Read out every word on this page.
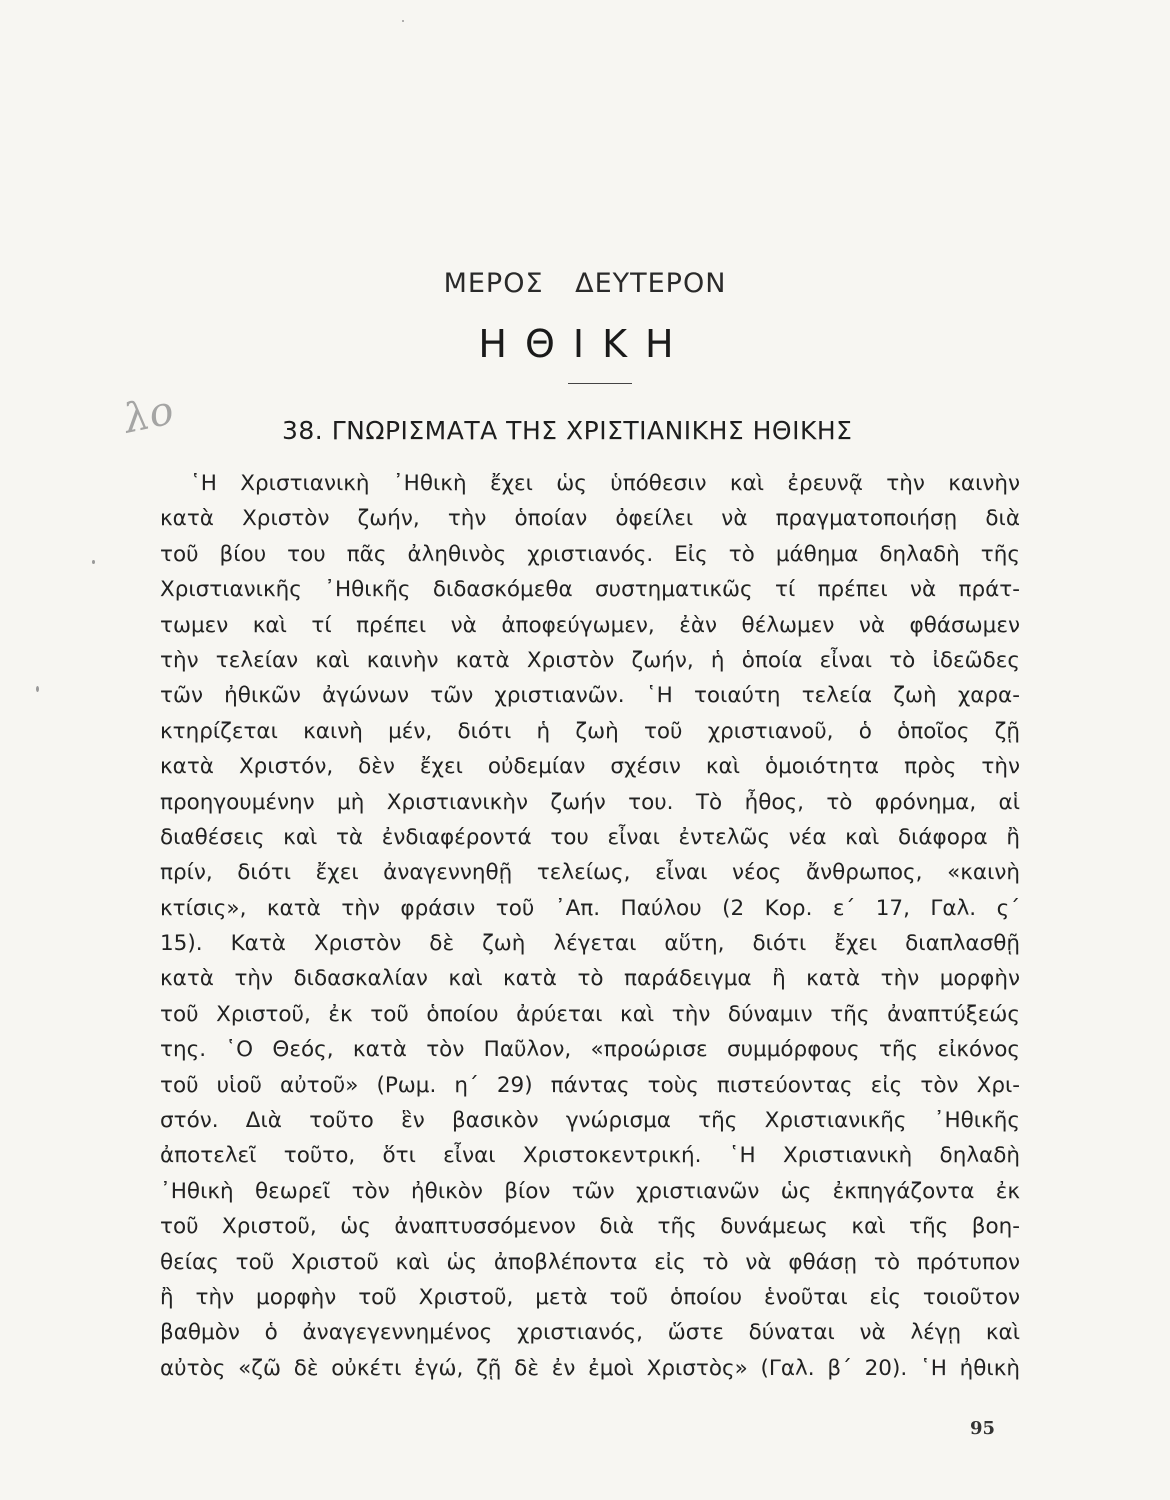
ΜΕΡΟΣ ΔΕΥΤΕΡΟΝ
ΗΘΙΚΗ
λο	38. ΓΝΩΡΙΣΜΑΤΑ ΤΗΣ ΧΡΙΣΤΙΑΝΙΚΗΣ ΗΘΙΚΗΣ
῾Η Χριστιανικὴ ᾿Ηθικὴ ἔχει ὡς ὑπόθεσιν καὶ ἐρευνᾷ τὴν καινὴν
κατὰ Χριστὸν ζωήν, τὴν ὁποίαν ὀφείλει νὰ πραγματοποιήσῃ διὰ
τοῦ βίου του πᾶς ἀληθινὸς χριστιανός. Εἰς τὸ μάθημα δηλαδὴ τῆς
Χριστιανικῆς ᾿Ηθικῆς διδασκόμεθα συστηματικῶς τί πρέπει νὰ πράτ-
τωμεν καὶ τί πρέπει νὰ ἀποφεύγωμεν, ἐὰν θέλωμεν νὰ φθάσωμεν
τὴν τελείαν καὶ καινὴν κατὰ Χριστὸν ζωήν, ἡ ὁποία εἶναι τὸ ἰδεῶδες
τῶν ἠθικῶν ἀγώνων τῶν χριστιανῶν. ῾Η τοιαύτη τελεία ζωὴ χαρα-
κτηρίζεται καινὴ μέν, διότι ἡ ζωὴ τοῦ χριστιανοῦ, ὁ ὁποῖος ζῇ
κατὰ Χριστόν, δὲν ἔχει οὐδεμίαν σχέσιν καὶ ὁμοιότητα πρὸς τὴν
προηγουμένην μὴ Χριστιανικὴν ζωήν του. Τὸ ἦθος, τὸ φρόνημα, αἱ
διαθέσεις καὶ τὰ ἐνδιαφέροντά του εἶναι ἐντελῶς νέα καὶ διάφορα ἢ
πρίν, διότι ἔχει ἀναγεννηθῇ τελείως, εἶναι νέος ἄνθρωπος, «καινὴ
κτίσις», κατὰ τὴν φράσιν τοῦ ᾿Απ. Παύλου (2 Κορ. ε´ 17, Γαλ. ς´
15). Κατὰ Χριστὸν δὲ ζωὴ λέγεται αὕτη, διότι ἔχει διαπλασθῇ
κατὰ τὴν διδασκαλίαν καὶ κατὰ τὸ παράδειγμα ἢ κατὰ τὴν μορφὴν
τοῦ Χριστοῦ, ἐκ τοῦ ὁποίου ἀρύεται καὶ τὴν δύναμιν τῆς ἀναπτύξεώς
της. ῾Ο Θεός, κατὰ τὸν Παῦλον, «προώρισε συμμόρφους τῆς εἰκόνος
τοῦ υἱοῦ αὐτοῦ» (Ρωμ. η´ 29) πάντας τοὺς πιστεύοντας εἰς τὸν Χρι-
στόν. Διὰ τοῦτο ἓν βασικὸν γνώρισμα τῆς Χριστιανικῆς ᾿Ηθικῆς
ἀποτελεῖ τοῦτο, ὅτι εἶναι Χριστοκεντρική. ῾Η Χριστιανικὴ δηλαδὴ
᾿Ηθικὴ θεωρεῖ τὸν ἠθικὸν βίον τῶν χριστιανῶν ὡς ἐκπηγάζοντα ἐκ
τοῦ Χριστοῦ, ὡς ἀναπτυσσόμενον διὰ τῆς δυνάμεως καὶ τῆς βοη-
θείας τοῦ Χριστοῦ καὶ ὡς ἀποβλέποντα εἰς τὸ νὰ φθάσῃ τὸ πρότυπον
ἢ τὴν μορφὴν τοῦ Χριστοῦ, μετὰ τοῦ ὁποίου ἑνοῦται εἰς τοιοῦτον
βαθμὸν ὁ ἀναγεγεννημένος χριστιανός, ὥστε δύναται νὰ λέγῃ καὶ
αὐτὸς «ζῶ δὲ οὐκέτι ἐγώ, ζῇ δὲ ἐν ἐμοὶ Χριστὸς» (Γαλ. β´ 20). ῾Η ἠθικὴ
95
